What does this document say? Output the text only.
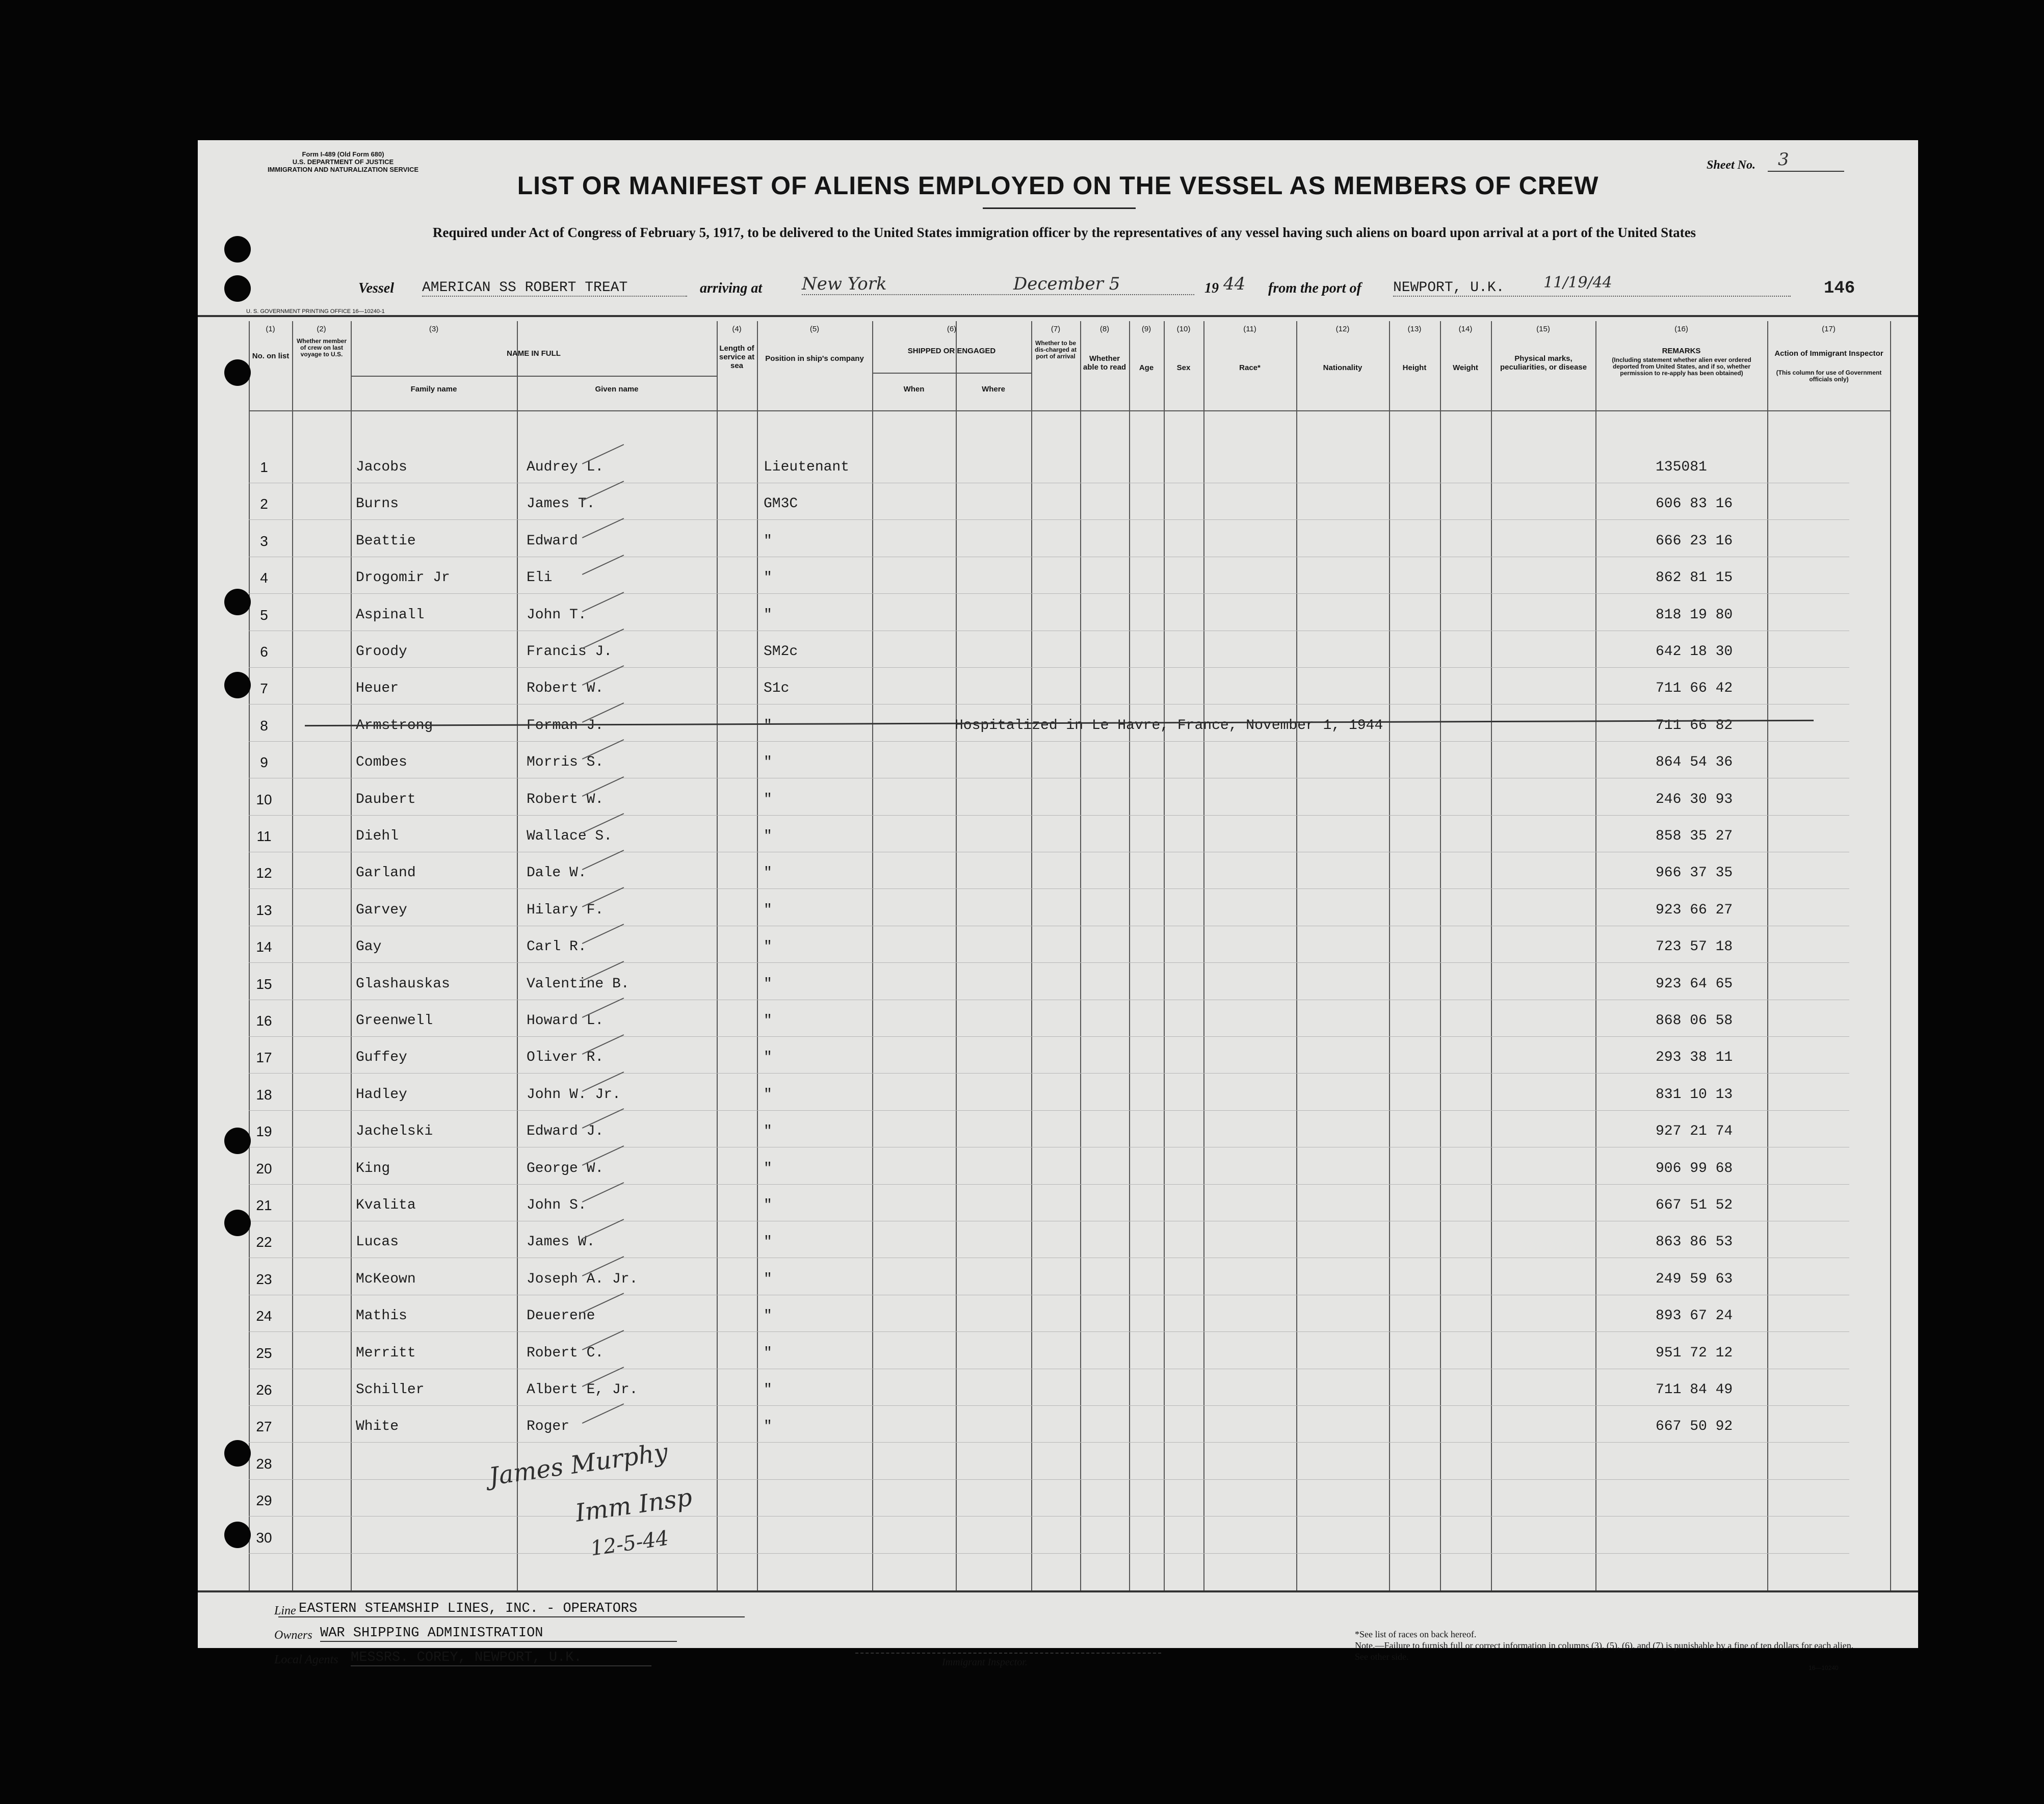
Form I-489 (Old Form 680)
U.S. DEPARTMENT OF JUSTICE
IMMIGRATION AND NATURALIZATION SERVICE	Sheet No. 3
LIST OR MANIFEST OF ALIENS EMPLOYED ON THE VESSEL AS MEMBERS OF CREW
Required under Act of Congress of February 5, 1917, to be delivered to the United States immigration officer by the representatives of any vessel having such aliens on board upon arrival at a port of the United States
Vessel AMERICAN SS ROBERT TREAT	arriving at New York	December 5	19 44 from the port of NEWPORT, U.K.	11/19/44	146
U. S. GOVERNMENT PRINTING OFFICE 16—10240-1
(1)	(2)	(3)	(4)	(5)	(6)	(7)	(8)	(9)	(10)	(11)	(12)	(13)	(14)	(15)	(16)	(17)
No. on list
Whether member of crew on last voyage to U.S.	NAME IN FULL
Family name	Given name
Length of service at sea
Position in ship's company
SHIPPED OR ENGAGED
When	Where
Whether to be dis-charged at port of arrival	Whether able to read	Age	Sex	Race*	Nationality	Height	Weight
Physical marks, peculiarities, or disease
REMARKS
(Including statement whether alien ever ordered deported from United States, and if so, whether permission to re-apply has been obtained)
Action of Immigrant Inspector
(This column for use of Government officials only)
1	Jacobs	Audrey L.	Lieutenant	135081
2	Burns	James T.	GM3C	606 83 16
3	Beattie	Edward	"	666 23 16
4	Drogomir Jr	Eli	"	862 81 15
5	Aspinall	John T.	"	818 19 80
6	Groody	Francis J.	SM2c	642 18 30
7	Heuer	Robert W.	S1c	711 66 42
8	Armstrong	Forman J.	"	711 66 82
Hospitalized in Le Havre, France, November 1, 1944
9	Combes	Morris S.	"	864 54 36
10	Daubert	Robert W.	"	246 30 93
11	Diehl	Wallace S.	"	858 35 27
12	Garland	Dale W.	"	966 37 35
13	Garvey	Hilary F.	"	923 66 27
14	Gay	Carl R.	"	723 57 18
15	Glashauskas	Valentine B.	"	923 64 65
16	Greenwell	Howard L.	"	868 06 58
17	Guffey	Oliver R.	"	293 38 11
18	Hadley	John W. Jr.	"	831 10 13
19	Jachelski	Edward J.	"	927 21 74
20	King	George W.	"	906 99 68
21	Kvalita	John S.	"	667 51 52
22	Lucas	James W.	"	863 86 53
23	McKeown	Joseph A. Jr.	"	249 59 63
24	Mathis	Deuerene	"	893 67 24
25	Merritt	Robert C.	"	951 72 12
26	Schiller	Albert E, Jr.	"	711 84 49
27	White	Roger	"	667 50 92
28
29
30
James Murphy
Imm Insp
12-5-44
Line EASTERN STEAMSHIP LINES, INC. - OPERATORS
Owners WAR SHIPPING ADMINISTRATION
Local Agents MESSRS. COREY, NEWPORT, U.K.	Immigrant Inspector.
*See list of races on back hereof.
Note.—Failure to furnish full or correct information in columns (3), (5), (6), and (7) is punishable by a fine of ten dollars for each alien. See other side.
16—10240
